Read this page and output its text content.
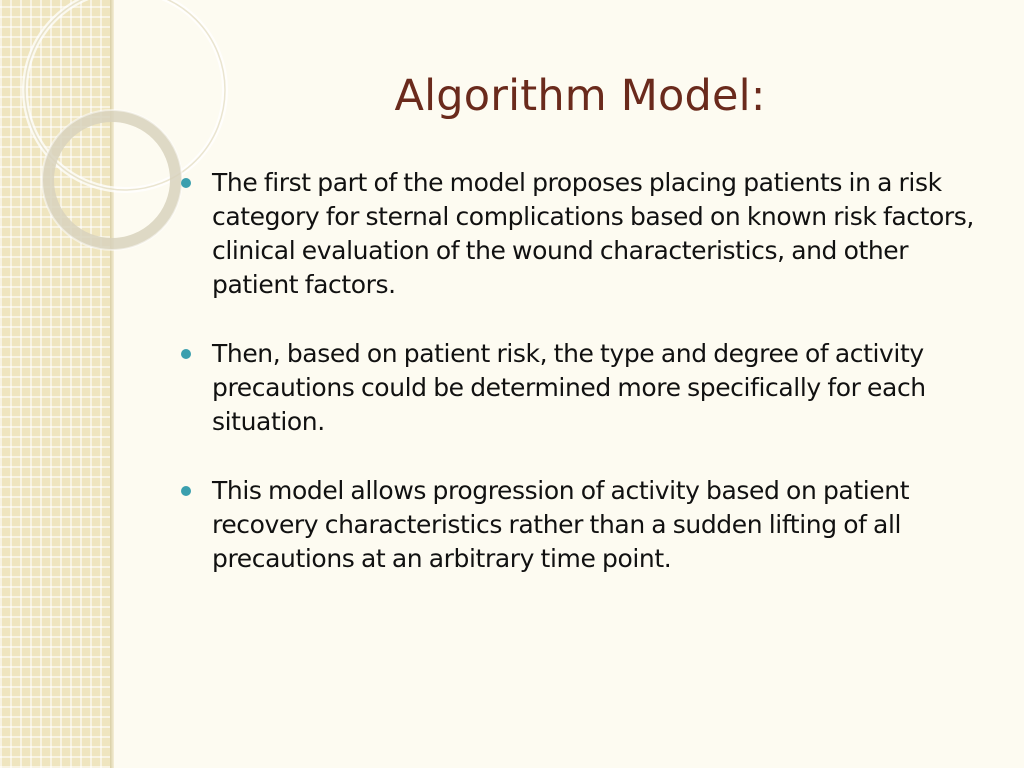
Algorithm Model:
The first part of the model proposes placing patients in a risk category for sternal complications based on known risk factors, clinical evaluation of the wound characteristics, and other patient factors.
Then, based on patient risk, the type and degree of activity precautions could be determined more specifically for each situation.
This model allows progression of activity based on patient recovery characteristics rather than a sudden lifting of all precautions at an arbitrary time point.
